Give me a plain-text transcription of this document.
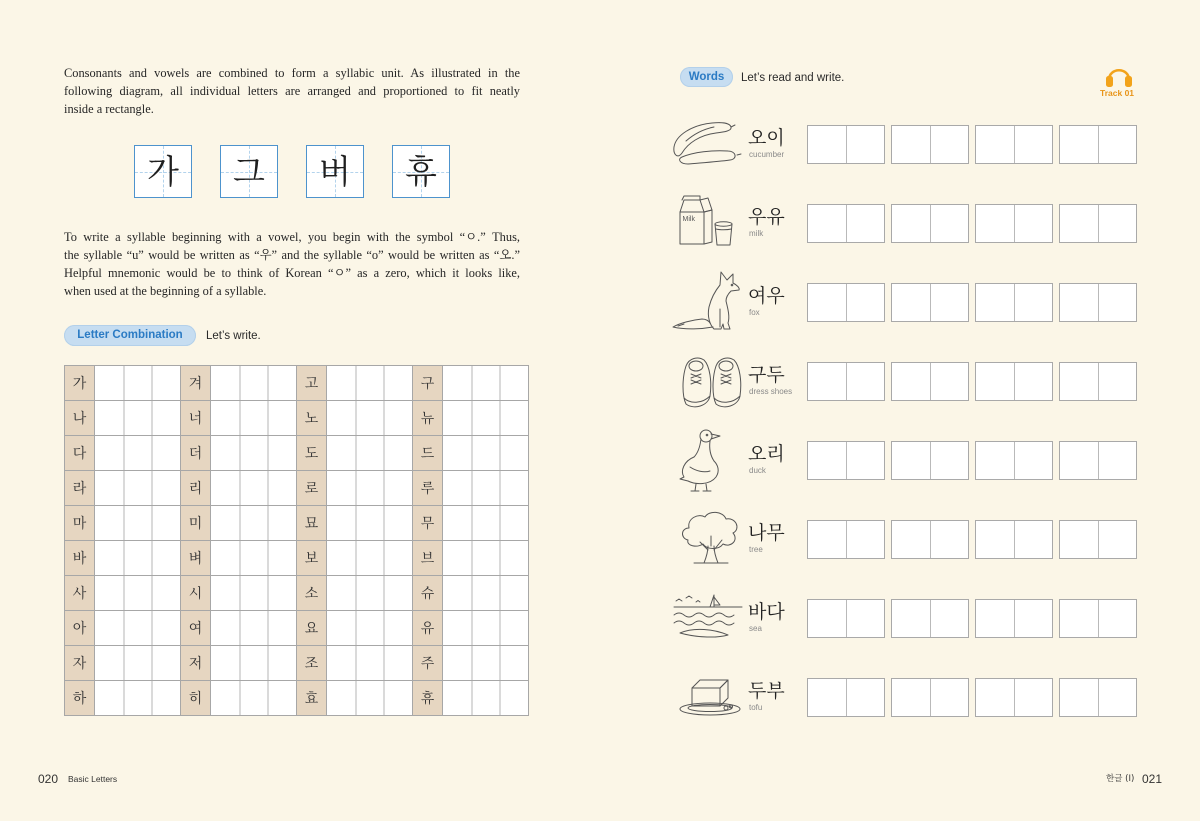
Consonants and vowels are combined to form a syllabic unit. As illustrated in the
following diagram, all individual letters are arranged and proportioned to fit neatly
inside a rectangle.
가	그	버	휴
To write a syllable beginning with a vowel, you begin with the symbol “ㅇ.” Thus,
the syllable “u” would be written as “우” and the syllable “o” would be written as “오.”
Helpful mnemonic would be to think of Korean “ㅇ” as a zero, which it looks like,
when used at the beginning of a syllable.
Letter Combination	Let’s write.
가		겨		고		구	
나		너		노		뉴	
다		더		도		드	
라		리		로		루	
마		미		묘		무	
바		벼		보		브	
사		시		소		슈	
아		여		요		유	
자		저		조		주	
하		히		효		휴	
020 Basic Letters
Words	Let’s read and write.
Track 01
오이
cucumber
Milk	우유
milk
여우
fox
구두
dress shoes
오리
duck
나무
tree
바다
sea
두부
tofu
한글 (I) 021
